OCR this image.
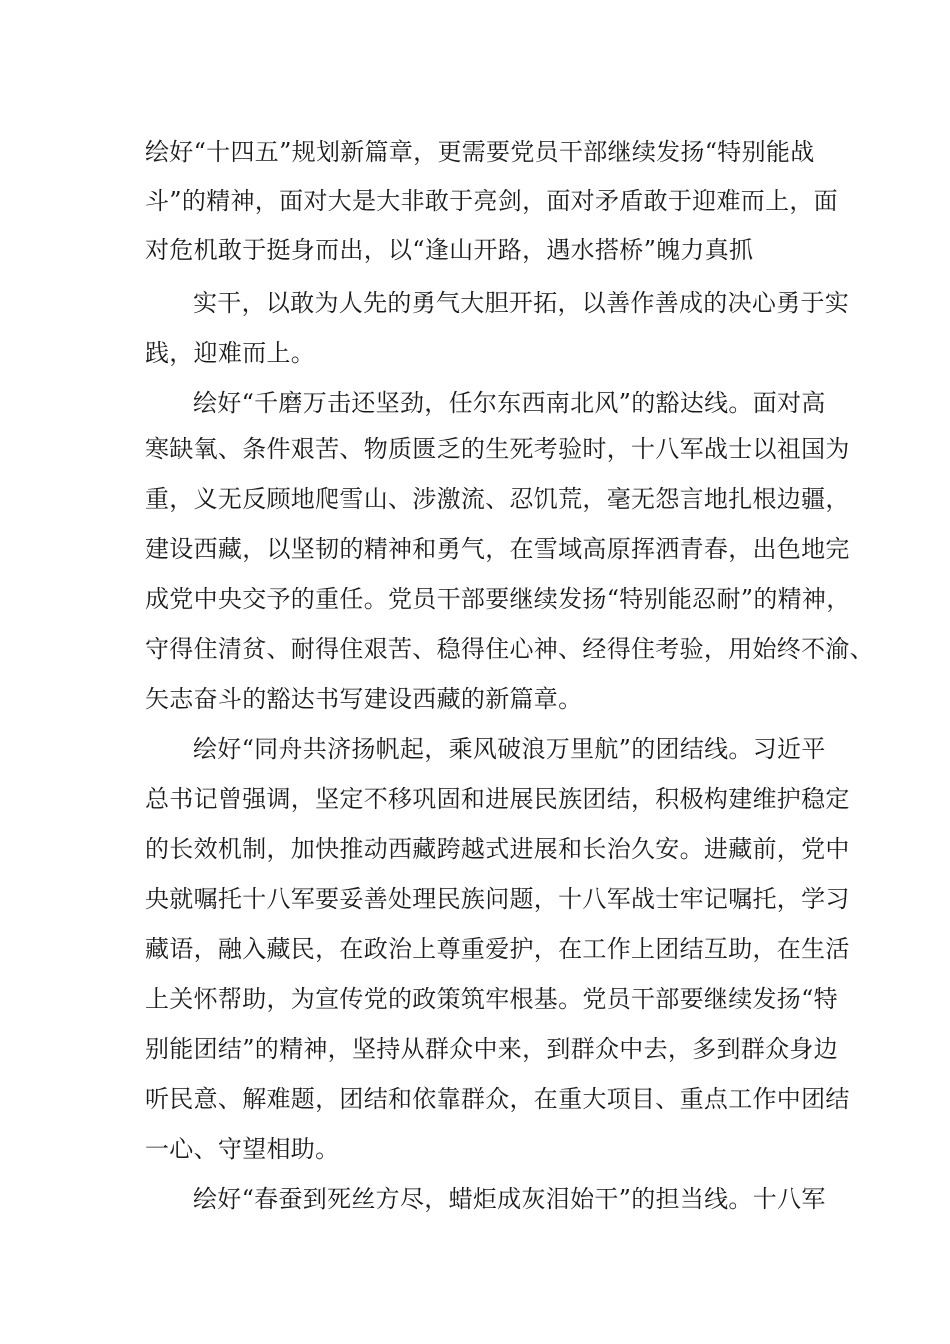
绘好“十四五”规划新篇章，更需要党员干部继续发扬“特别能战
斗”的精神，面对大是大非敢于亮剑，面对矛盾敢于迎难而上，面
对危机敢于挺身而出，以“逢山开路，遇水搭桥”魄力真抓
实干，以敢为人先的勇气大胆开拓，以善作善成的决心勇于实
践，迎难而上。
绘好“千磨万击还坚劲，任尔东西南北风”的豁达线。面对高
寒缺氧、条件艰苦、物质匮乏的生死考验时，十八军战士以祖国为
重，义无反顾地爬雪山、涉激流、忍饥荒，毫无怨言地扎根边疆，
建设西藏，以坚韧的精神和勇气，在雪域高原挥洒青春，出色地完
成党中央交予的重任。党员干部要继续发扬“特别能忍耐”的精神，
守得住清贫、耐得住艰苦、稳得住心神、经得住考验，用始终不渝、
矢志奋斗的豁达书写建设西藏的新篇章。
绘好“同舟共济扬帆起，乘风破浪万里航”的团结线。习近平
总书记曾强调，坚定不移巩固和进展民族团结，积极构建维护稳定
的长效机制，加快推动西藏跨越式进展和长治久安。进藏前，党中
央就嘱托十八军要妥善处理民族问题，十八军战士牢记嘱托，学习
藏语，融入藏民，在政治上尊重爱护，在工作上团结互助，在生活
上关怀帮助，为宣传党的政策筑牢根基。党员干部要继续发扬“特
别能团结”的精神，坚持从群众中来，到群众中去，多到群众身边
听民意、解难题，团结和依靠群众，在重大项目、重点工作中团结
一心、守望相助。
绘好“春蚕到死丝方尽，蜡炬成灰泪始干”的担当线。十八军
